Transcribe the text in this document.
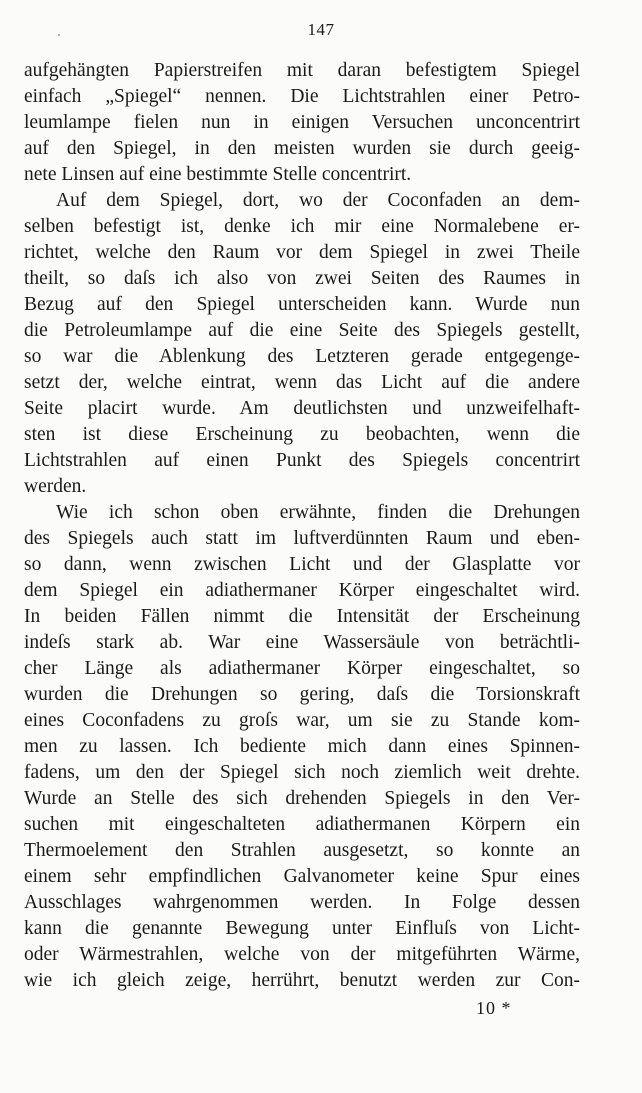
147
aufgehängten Papierstreifen mit daran befestigtem Spiegel
einfach „Spiegel“ nennen. Die Lichtstrahlen einer Petro-
leumlampe fielen nun in einigen Versuchen unconcentrirt
auf den Spiegel, in den meisten wurden sie durch geeig-
nete Linsen auf eine bestimmte Stelle concentrirt.
Auf dem Spiegel, dort, wo der Coconfaden an dem-
selben befestigt ist, denke ich mir eine Normalebene er-
richtet, welche den Raum vor dem Spiegel in zwei Theile
theilt, so daſs ich also von zwei Seiten des Raumes in
Bezug auf den Spiegel unterscheiden kann. Wurde nun
die Petroleumlampe auf die eine Seite des Spiegels gestellt,
so war die Ablenkung des Letzteren gerade entgegenge-
setzt der, welche eintrat, wenn das Licht auf die andere
Seite placirt wurde. Am deutlichsten und unzweifelhaft-
sten ist diese Erscheinung zu beobachten, wenn die
Lichtstrahlen auf einen Punkt des Spiegels concentrirt
werden.
Wie ich schon oben erwähnte, finden die Drehungen
des Spiegels auch statt im luftverdünnten Raum und eben-
so dann, wenn zwischen Licht und der Glasplatte vor
dem Spiegel ein adiathermaner Körper eingeschaltet wird.
In beiden Fällen nimmt die Intensität der Erscheinung
indeſs stark ab. War eine Wassersäule von beträchtli-
cher Länge als adiathermaner Körper eingeschaltet, so
wurden die Drehungen so gering, daſs die Torsionskraft
eines Coconfadens zu groſs war, um sie zu Stande kom-
men zu lassen. Ich bediente mich dann eines Spinnen-
fadens, um den der Spiegel sich noch ziemlich weit drehte.
Wurde an Stelle des sich drehenden Spiegels in den Ver-
suchen mit eingeschalteten adiathermanen Körpern ein
Thermoelement den Strahlen ausgesetzt, so konnte an
einem sehr empfindlichen Galvanometer keine Spur eines
Ausschlages wahrgenommen werden. In Folge dessen
kann die genannte Bewegung unter Einfluſs von Licht-
oder Wärmestrahlen, welche von der mitgeführten Wärme,
wie ich gleich zeige, herrührt, benutzt werden zur Con-
10 *
